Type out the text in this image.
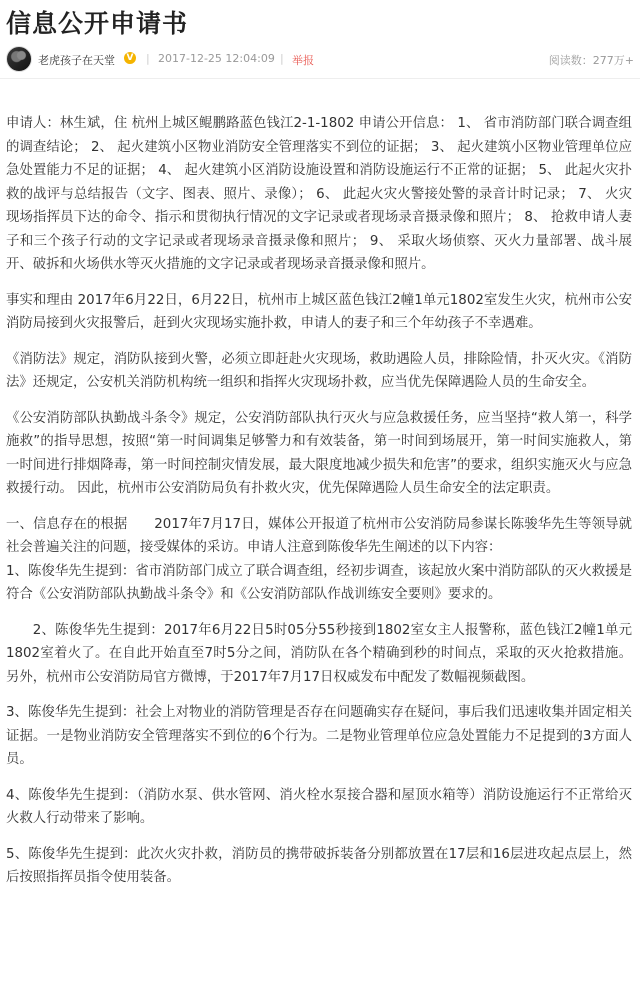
信息公开申请书
老虎孩子在天堂 V | 2017-12-25 12:04:09 | 举报	阅读数：277万+

申请人：林生斌，住 杭州上城区鲲鹏路蓝色钱江2-1-1802 申请公开信息： 1、 省市消防部门联合调查组的调查结论； 2、 起火建筑小区物业消防安全管理落实不到位的证据； 3、 起火建筑小区物业管理单位应急处置能力不足的证据； 4、 起火建筑小区消防设施设置和消防设施运行不正常的证据； 5、 此起火灾扑救的战评与总结报告（文字、图表、照片、录像）； 6、 此起火灾火警接处警的录音计时记录； 7、 火灾现场指挥员下达的命令、指示和贯彻执行情况的文字记录或者现场录音摄录像和照片； 8、 抢救申请人妻子和三个孩子行动的文字记录或者现场录音摄录像和照片； 9、 采取火场侦察、灭火力量部署、战斗展开、破拆和火场供水等灭火措施的文字记录或者现场录音摄录像和照片。

事实和理由 2017年6月22日，6月22日，杭州市上城区蓝色钱江2幢1单元1802室发生火灾，杭州市公安消防局接到火灾报警后，赶到火灾现场实施扑救，申请人的妻子和三个年幼孩子不幸遇难。

《消防法》规定，消防队接到火警，必须立即赶赴火灾现场，救助遇险人员，排除险情，扑灭火灾。《消防法》还规定，公安机关消防机构统一组织和指挥火灾现场扑救，应当优先保障遇险人员的生命安全。

《公安消防部队执勤战斗条令》规定，公安消防部队执行灭火与应急救援任务，应当坚持“救人第一，科学施救”的指导思想，按照“第一时间调集足够警力和有效装备，第一时间到场展开，第一时间实施救人，第一时间进行排烟降毒，第一时间控制灾情发展，最大限度地减少损失和危害”的要求，组织实施灭火与应急救援行动。 因此，杭州市公安消防局负有扑救火灾，优先保障遇险人员生命安全的法定职责。

一、信息存在的根据　　2017年7月17日，媒体公开报道了杭州市公安消防局参谋长陈骏华先生等领导就社会普遍关注的问题，接受媒体的采访。申请人注意到陈俊华先生阐述的以下内容：
1、陈俊华先生提到：省市消防部门成立了联合调查组，经初步调查，该起放火案中消防部队的灭火救援是符合《公安消防部队执勤战斗条令》和《公安消防部队作战训练安全要则》要求的。

2、陈俊华先生提到：2017年6月22日5时05分55秒接到1802室女主人报警称，蓝色钱江2幢1单元1802室着火了。在自此开始直至7时5分之间，消防队在各个精确到秒的时间点，采取的灭火抢救措施。另外，杭州市公安消防局官方微博，于2017年7月17日权威发布中配发了数幅视频截图。

3、陈俊华先生提到：社会上对物业的消防管理是否存在问题确实存在疑问，事后我们迅速收集并固定相关证据。一是物业消防安全管理落实不到位的6个行为。二是物业管理单位应急处置能力不足提到的3方面人员。

4、陈俊华先生提到：（消防水泵、供水管网、消火栓水泵接合器和屋顶水箱等）消防设施运行不正常给灭火救人行动带来了影响。

5、陈俊华先生提到：此次火灾扑救，消防员的携带破拆装备分别都放置在17层和16层进攻起点层上，然后按照指挥员指令使用装备。
